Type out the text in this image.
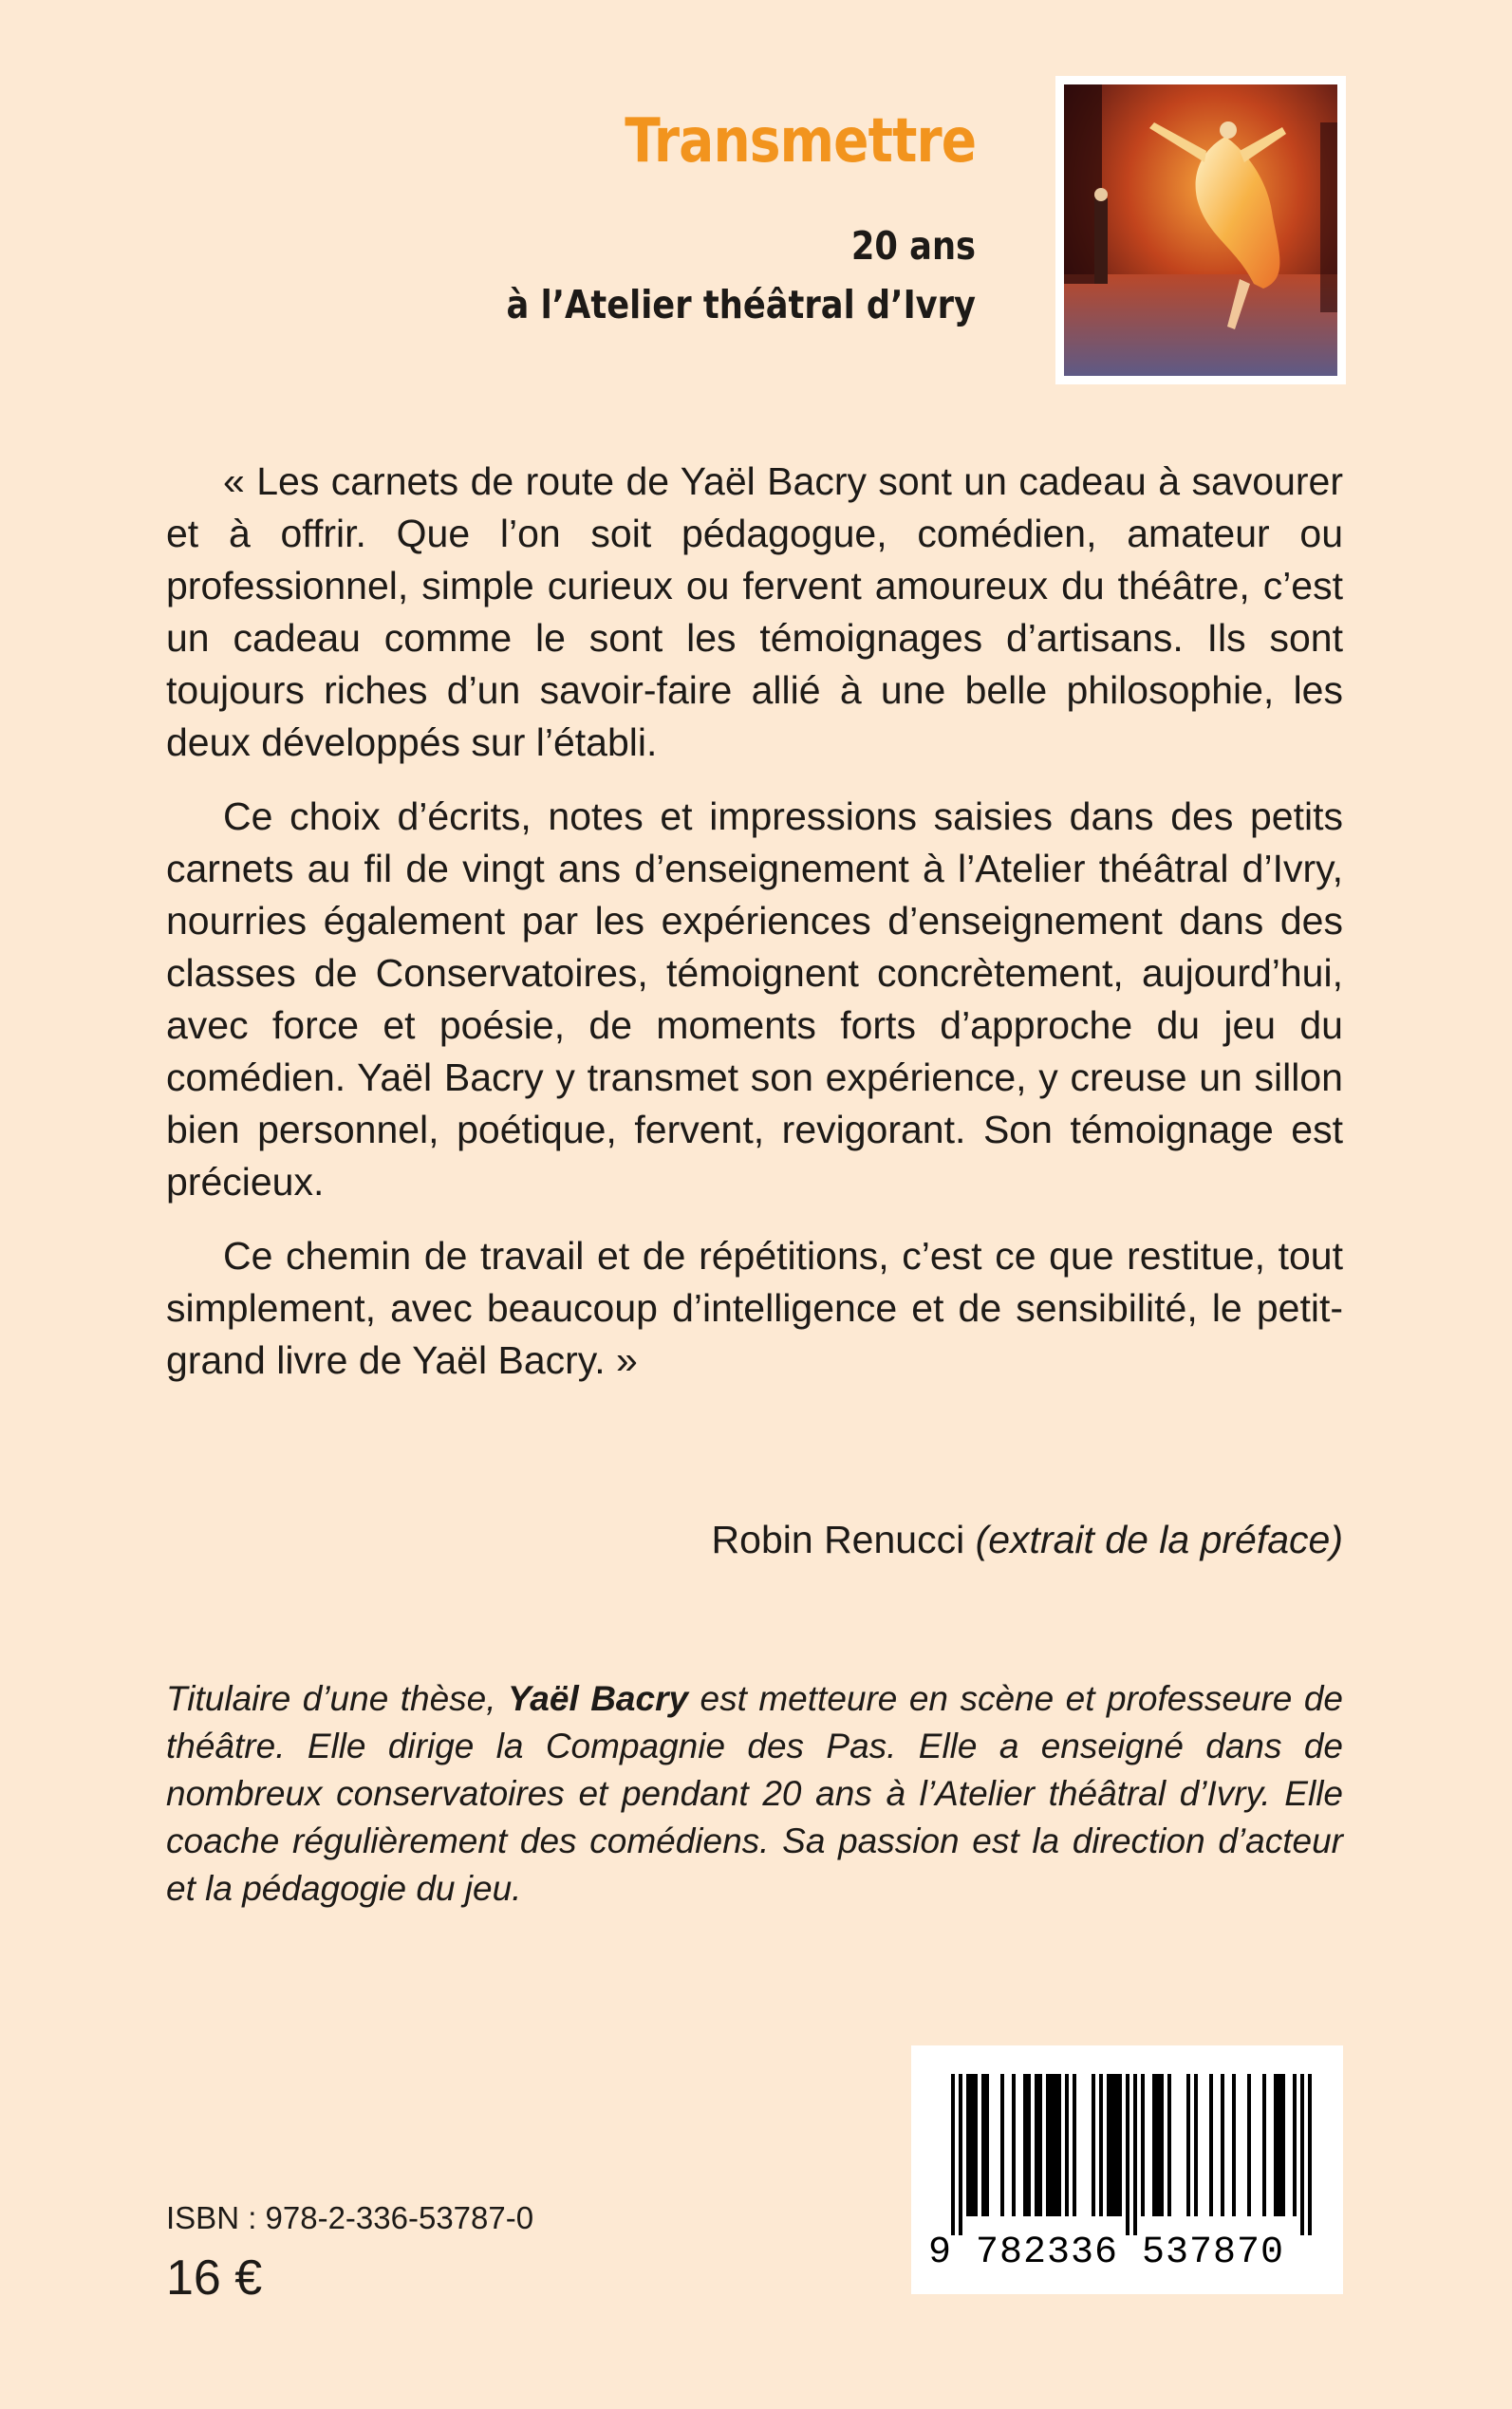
Transmettre
20 ans
à l’Atelier théâtral d’Ivry

« Les carnets de route de Yaël Bacry sont un cadeau à savourer et à offrir. Que l’on soit pédagogue, comédien, amateur ou professionnel, simple curieux ou fervent amoureux du théâtre, c’est un cadeau comme le sont les témoignages d’artisans. Ils sont toujours riches d’un savoir-faire allié à une belle philosophie, les deux développés sur l’établi.

Ce choix d’écrits, notes et impressions saisies dans des petits carnets au fil de vingt ans d’enseignement à l’Atelier théâtral d’Ivry, nourries également par les expériences d’enseignement dans des classes de Conservatoires, témoignent concrètement, aujourd’hui, avec force et poésie, de moments forts d’approche du jeu du comédien. Yaël Bacry y transmet son expérience, y creuse un sillon bien personnel, poétique, fervent, revigorant. Son témoignage est précieux.

Ce chemin de travail et de répétitions, c’est ce que restitue, tout simplement, avec beaucoup d’intelligence et de sensibilité, le petit-grand livre de Yaël Bacry. »

Robin Renucci (extrait de la préface)
Titulaire d’une thèse, Yaël Bacry est metteure en scène et professeure de théâtre. Elle dirige la Compagnie des Pas. Elle a enseigné dans de nombreux conservatoires et pendant 20 ans à l’Atelier théâtral d’Ivry. Elle coache régulièrement des comédiens. Sa passion est la direction d’acteur et la pédagogie du jeu.
ISBN : 978-2-336-53787-0
16 €	9 782336 537870
